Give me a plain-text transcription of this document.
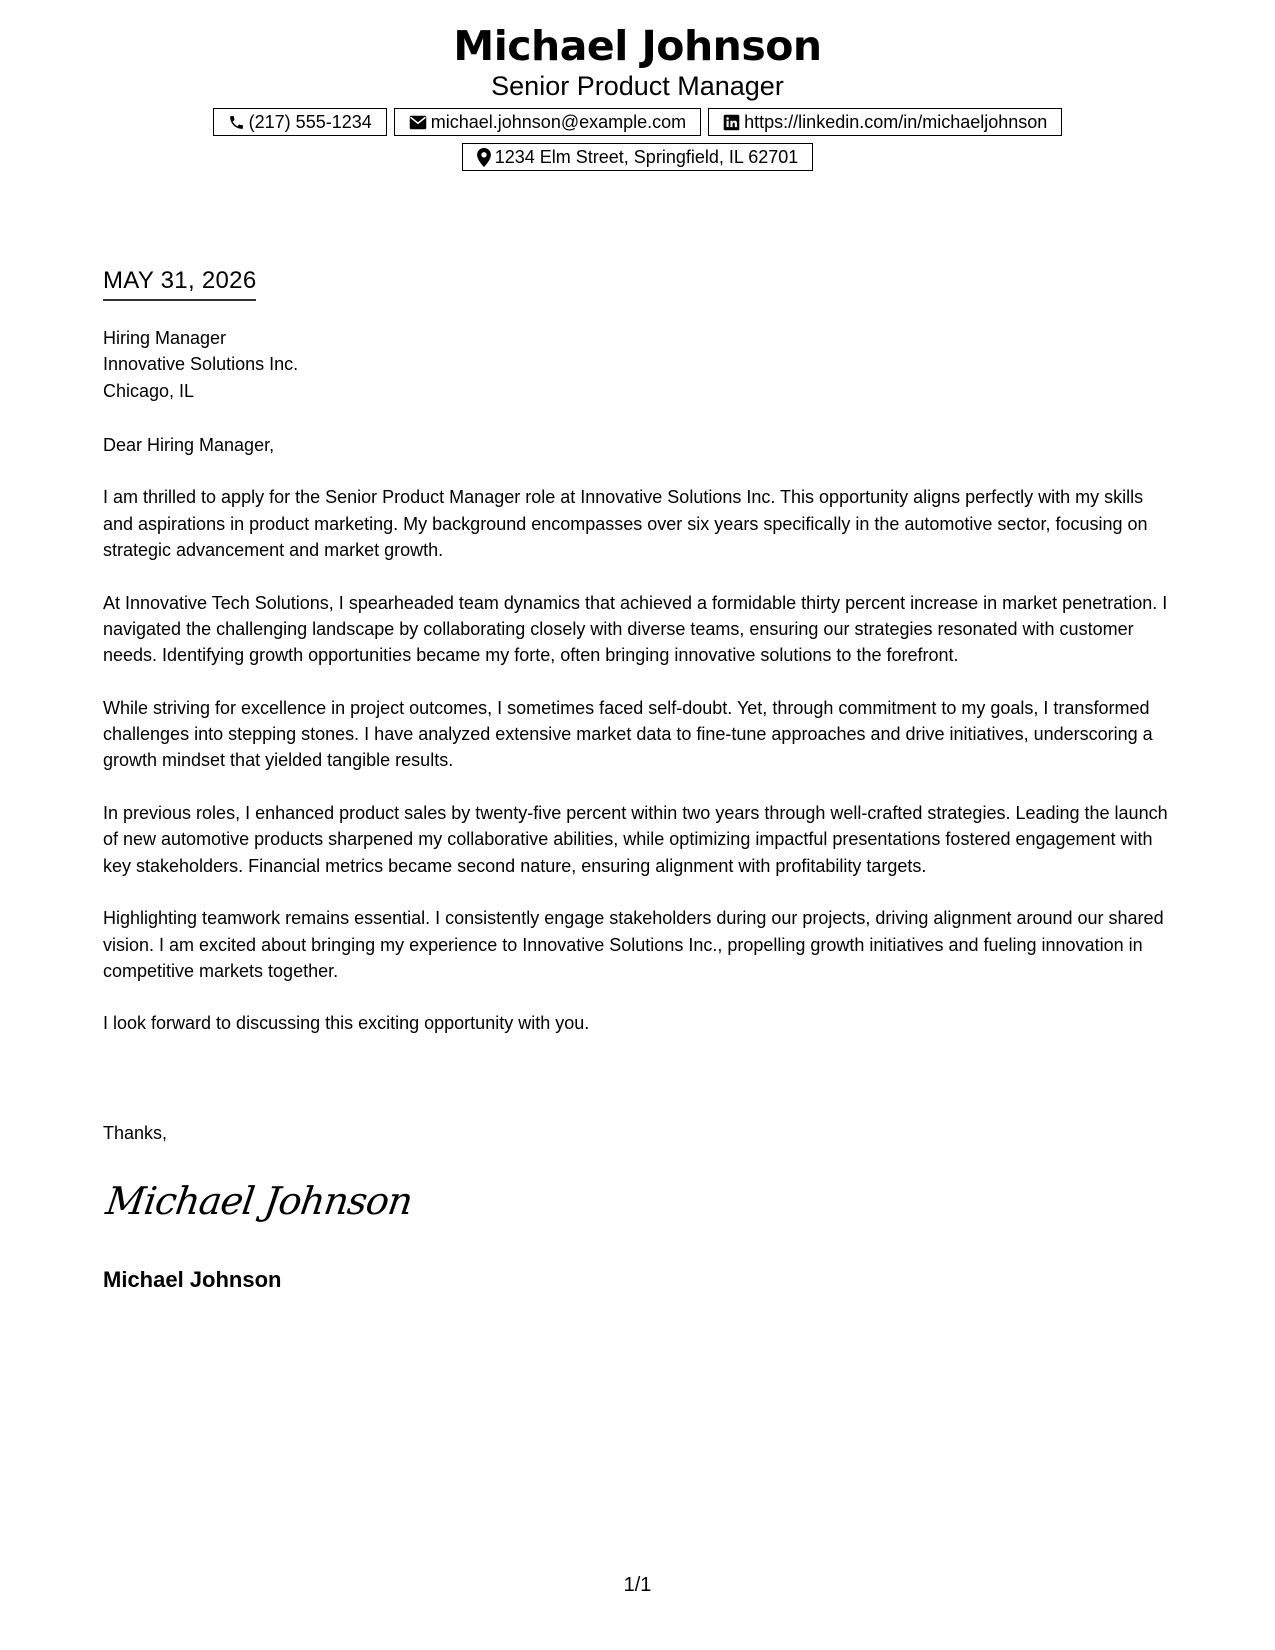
Michael Johnson
Senior Product Manager
(217) 555-1234	michael.johnson@example.com	https://linkedin.com/in/michaeljohnson
1234 Elm Street, Springfield, IL 62701
MAY 31, 2026
Hiring Manager
Innovative Solutions Inc.
Chicago, IL

Dear Hiring Manager,

I am thrilled to apply for the Senior Product Manager role at Innovative Solutions Inc. This opportunity aligns perfectly with my skills and aspirations in product marketing. My background encompasses over six years specifically in the automotive sector, focusing on strategic advancement and market growth.

At Innovative Tech Solutions, I spearheaded team dynamics that achieved a formidable thirty percent increase in market penetration. I navigated the challenging landscape by collaborating closely with diverse teams, ensuring our strategies resonated with customer needs. Identifying growth opportunities became my forte, often bringing innovative solutions to the forefront.

While striving for excellence in project outcomes, I sometimes faced self-doubt. Yet, through commitment to my goals, I transformed challenges into stepping stones. I have analyzed extensive market data to fine-tune approaches and drive initiatives, underscoring a growth mindset that yielded tangible results.

In previous roles, I enhanced product sales by twenty-five percent within two years through well-crafted strategies. Leading the launch of new automotive products sharpened my collaborative abilities, while optimizing impactful presentations fostered engagement with key stakeholders. Financial metrics became second nature, ensuring alignment with profitability targets.

Highlighting teamwork remains essential. I consistently engage stakeholders during our projects, driving alignment around our shared vision. I am excited about bringing my experience to Innovative Solutions Inc., propelling growth initiatives and fueling innovation in competitive markets together.

I look forward to discussing this exciting opportunity with you.

Thanks,
Michael Johnson
Michael Johnson
1/1
